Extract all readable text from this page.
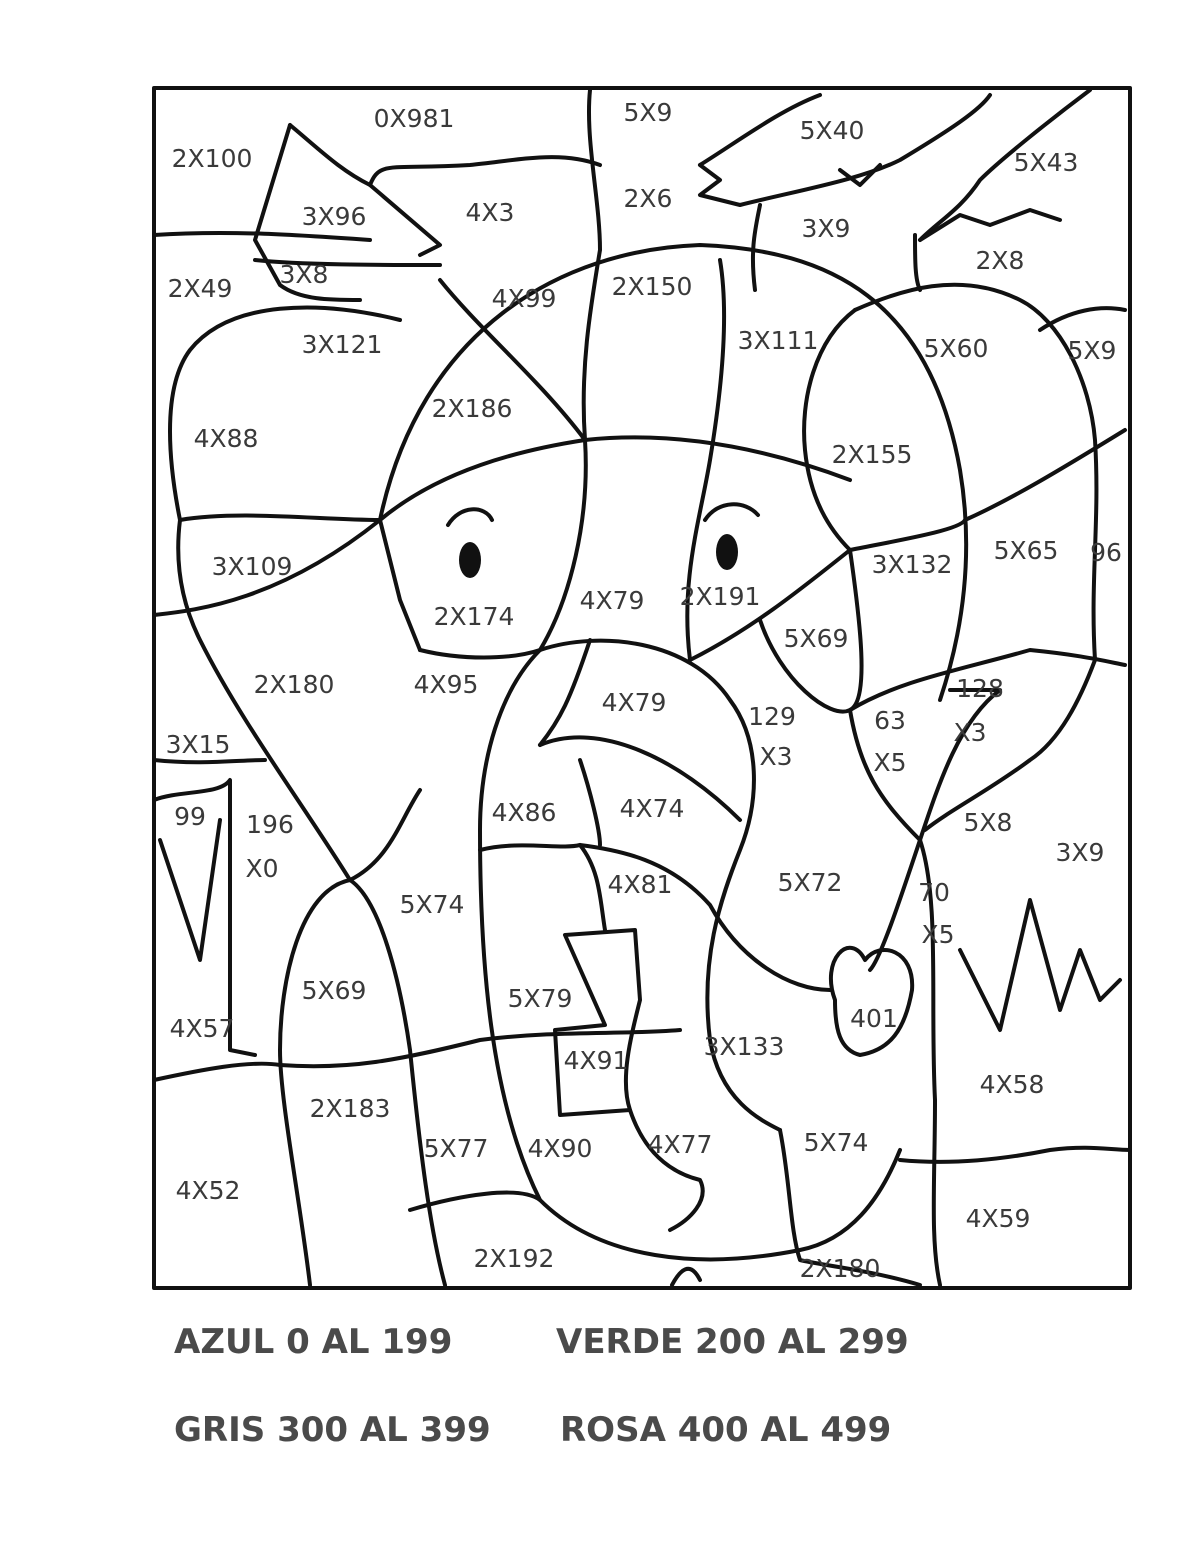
0X981	5X9
5X40
5X43
2X100
2X6
3X96	4X3
3X9
2X8
2X49 3X8
4X99 2X150
3X111	5X60	5X9
3X121
2X186
4X88
2X155
3X109	3X132 5X65 96
2X174
4X79 2X191
5X69
2X180	4X95
4X79	129
X3
63
X5
128
X3
3X15
99 196
X0
4X86	4X74	5X8
3X9
4X81	5X72
5X74	70
X5
5X69	5X79
401
4X57
4X91	3X133
4X58
2X183
5X77 4X90 4X77	5X74
4X52
4X59
2X192	2X180
AZUL 0 AL 199	VERDE 200 AL 299
GRIS 300 AL 399 ROSA 400 AL 499
